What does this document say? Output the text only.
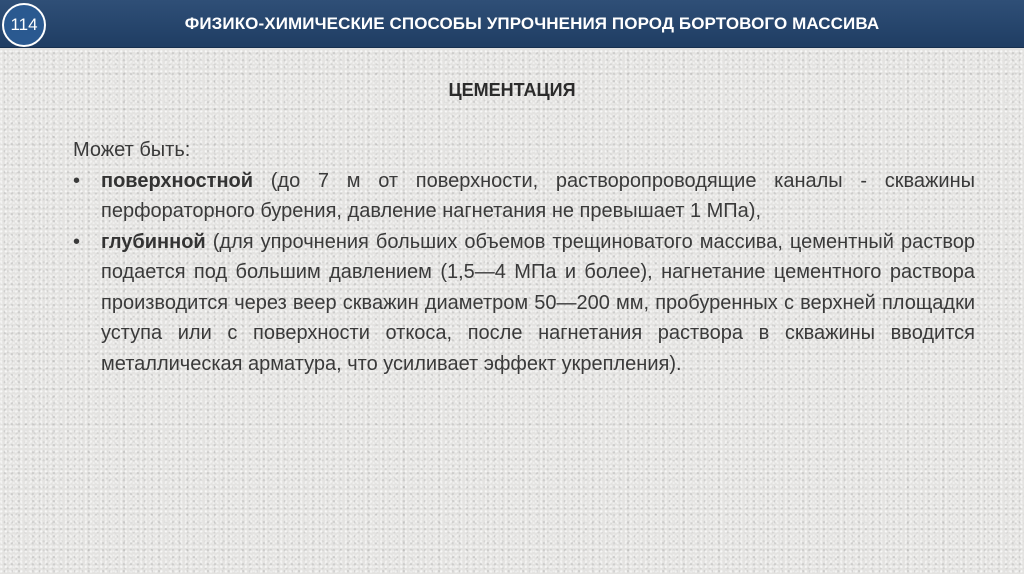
114	ФИЗИКО-ХИМИЧЕСКИЕ СПОСОБЫ УПРОЧНЕНИЯ ПОРОД БОРТОВОГО МАССИВА
ЦЕМЕНТАЦИЯ

Может быть:

• поверхностной (до 7 м от поверхности, растворопроводящие каналы - скважины перфораторного бурения, давление нагнетания не превышает 1 МПа),
• глубинной (для упрочнения больших объемов трещиноватого массива, цементный раствор подается под большим давлением (1,5—4 МПа и более), нагнетание цементного раствора производится через веер скважин диаметром 50—200 мм, пробуренных с верхней площадки уступа или с поверхности откоса, после нагнетания раствора в скважины вводится металлическая арматура, что усиливает эффект укрепления).
